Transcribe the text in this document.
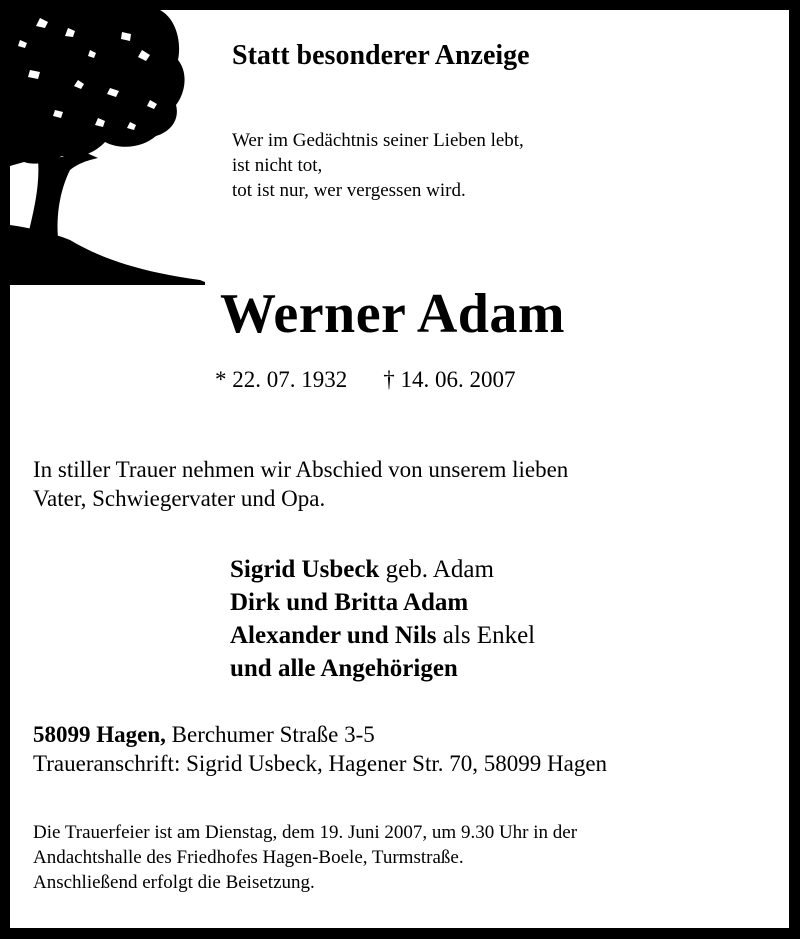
Statt besonderer Anzeige
Wer im Gedächtnis seiner Lieben lebt,
ist nicht tot,
tot ist nur, wer vergessen wird.
Werner Adam
* 22. 07. 1932 † 14. 06. 2007
In stiller Trauer nehmen wir Abschied von unserem lieben
Vater, Schwiegervater und Opa.
Sigrid Usbeck geb. Adam
Dirk und Britta Adam
Alexander und Nils als Enkel
und alle Angehörigen
58099 Hagen, Berchumer Straße 3-5
Traueranschrift: Sigrid Usbeck, Hagener Str. 70, 58099 Hagen
Die Trauerfeier ist am Dienstag, dem 19. Juni 2007, um 9.30 Uhr in der
Andachtshalle des Friedhofes Hagen-Boele, Turmstraße.
Anschließend erfolgt die Beisetzung.
